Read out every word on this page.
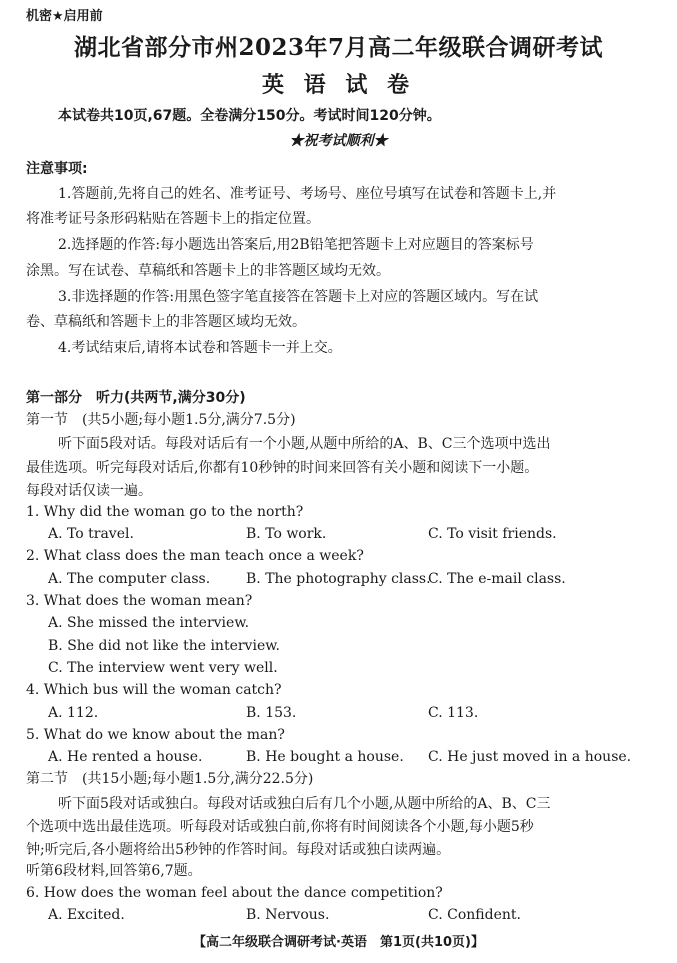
机密★启用前
湖北省部分市州2023年7月高二年级联合调研考试
英 语 试 卷
本试卷共10页,67题。全卷满分150分。考试时间120分钟。
★祝考试顺利★
注意事项:
1.答题前,先将自己的姓名、准考证号、考场号、座位号填写在试卷和答题卡上,并
将准考证号条形码粘贴在答题卡上的指定位置。
2.选择题的作答:每小题选出答案后,用2B铅笔把答题卡上对应题目的答案标号
涂黑。写在试卷、草稿纸和答题卡上的非答题区域均无效。
3.非选择题的作答:用黑色签字笔直接答在答题卡上对应的答题区域内。写在试
卷、草稿纸和答题卡上的非答题区域均无效。
4.考试结束后,请将本试卷和答题卡一并上交。
第一部分　听力(共两节,满分30分)
第一节　(共5小题;每小题1.5分,满分7.5分)
听下面5段对话。每段对话后有一个小题,从题中所给的A、B、C三个选项中选出
最佳选项。听完每段对话后,你都有10秒钟的时间来回答有关小题和阅读下一小题。
每段对话仅读一遍。
1. Why did the woman go to the north?
A. To travel.	B. To work.	C. To visit friends.
2. What class does the man teach once a week?
A. The computer class.	B. The photography class.
C. The e-mail class.
3. What does the woman mean?
A. She missed the interview.
B. She did not like the interview.
C. The interview went very well.
4. Which bus will the woman catch?
A. 112.	B. 153.	C. 113.
5. What do we know about the man?
A. He rented a house.	B. He bought a house. C. He just moved in a house.
第二节　(共15小题;每小题1.5分,满分22.5分)
听下面5段对话或独白。每段对话或独白后有几个小题,从题中所给的A、B、C三
个选项中选出最佳选项。听每段对话或独白前,你将有时间阅读各个小题,每小题5秒
钟;听完后,各小题将给出5秒钟的作答时间。每段对话或独白读两遍。
听第6段材料,回答第6,7题。
6. How does the woman feel about the dance competition?
A. Excited.	B. Nervous.	C. Confident.
【高二年级联合调研考试·英语　第1页(共10页)】
